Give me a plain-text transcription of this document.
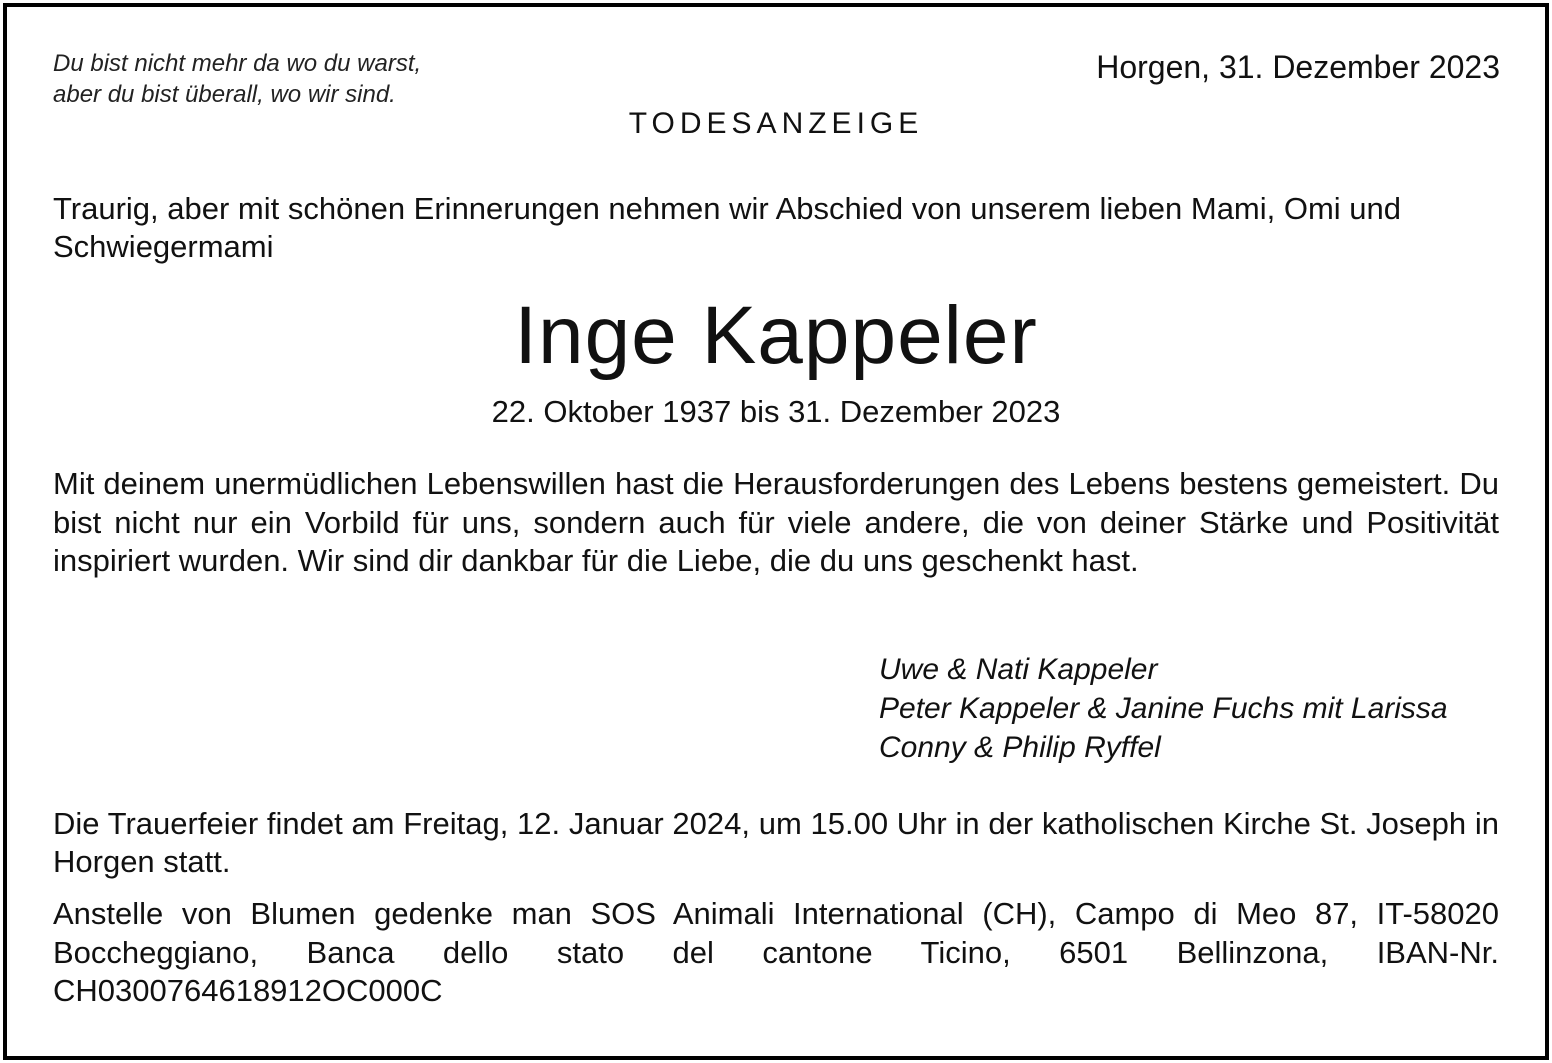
Du bist nicht mehr da wo du warst,
aber du bist überall, wo wir sind.
Horgen, 31. Dezember 2023
TODESANZEIGE
Traurig, aber mit schönen Erinnerungen nehmen wir Abschied von unserem lieben Mami, Omi und Schwiegermami
Inge Kappeler
22. Oktober 1937 bis 31. Dezember 2023
Mit deinem unermüdlichen Lebenswillen hast die Herausforderungen des Lebens bestens gemeistert. Du bist nicht nur ein Vorbild für uns, sondern auch für viele andere, die von deiner Stärke und Positivität inspiriert wurden. Wir sind dir dankbar für die Liebe, die du uns geschenkt hast.
Uwe & Nati Kappeler
Peter Kappeler & Janine Fuchs mit Larissa
Conny & Philip Ryffel
Die Trauerfeier findet am Freitag, 12. Januar 2024, um 15.00 Uhr in der katholischen Kirche St. Joseph in Horgen statt.
Anstelle von Blumen gedenke man SOS Animali International (CH), Campo di Meo 87, IT-58020 Boccheggiano, Banca dello stato del cantone Ticino, 6501 Bellinzona, IBAN-Nr. CH0300764618912OC000C
